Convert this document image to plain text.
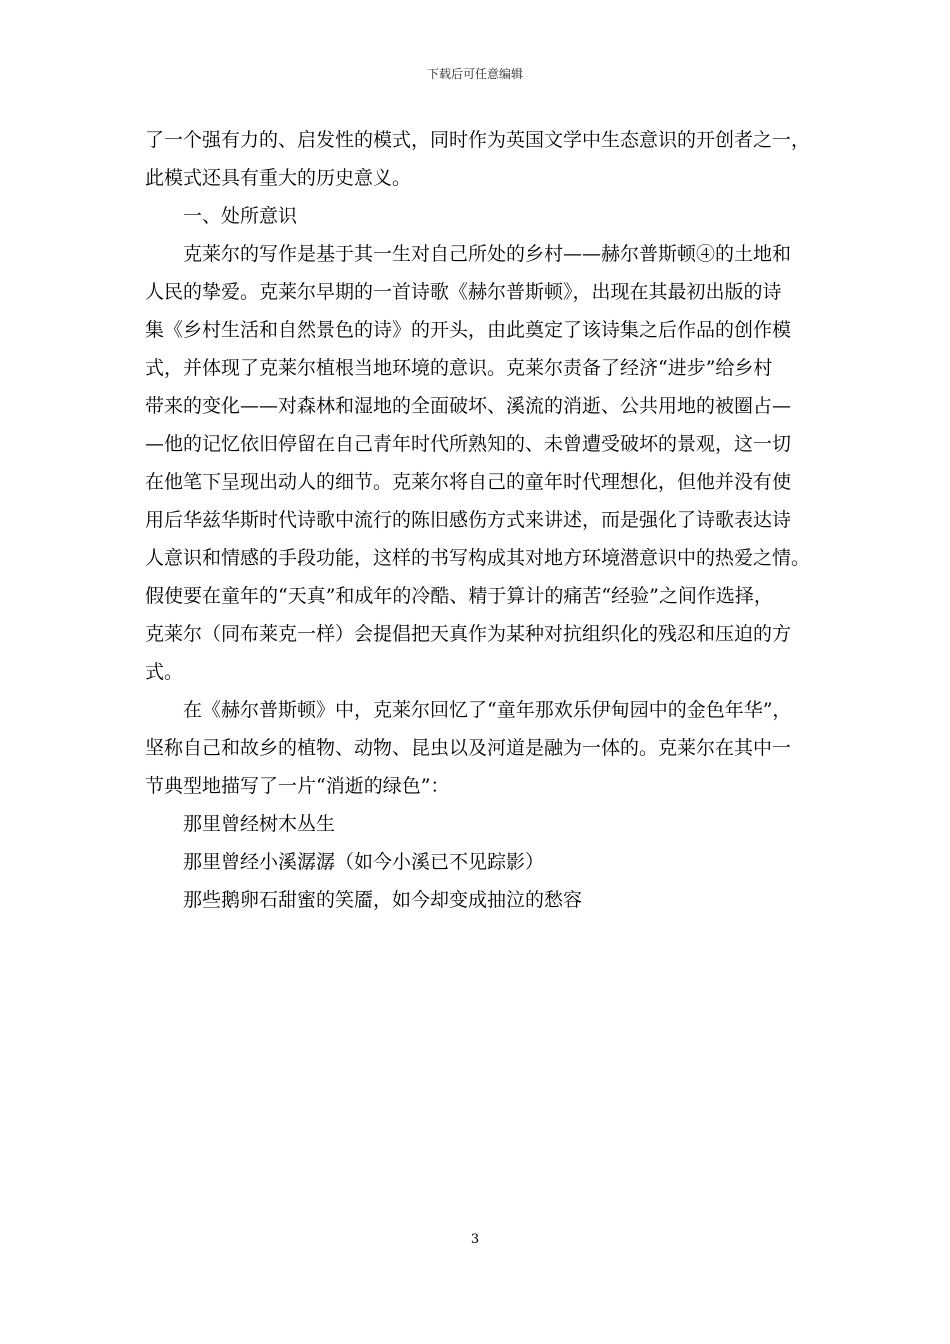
下载后可任意编辑
了一个强有力的、启发性的模式，同时作为英国文学中生态意识的开创者之一，
此模式还具有重大的历史意义。
一、处所意识
克莱尔的写作是基于其一生对自己所处的乡村——赫尔普斯顿④的土地和
人民的挚爱。克莱尔早期的一首诗歌《赫尔普斯顿》，出现在其最初出版的诗
集《乡村生活和自然景色的诗》的开头，由此奠定了该诗集之后作品的创作模
式，并体现了克莱尔植根当地环境的意识。克莱尔责备了经济“进步”给乡村
带来的变化——对森林和湿地的全面破坏、溪流的消逝、公共用地的被圈占—
—他的记忆依旧停留在自己青年时代所熟知的、未曾遭受破坏的景观，这一切
在他笔下呈现出动人的细节。克莱尔将自己的童年时代理想化，但他并没有使
用后华兹华斯时代诗歌中流行的陈旧感伤方式来讲述，而是强化了诗歌表达诗
人意识和情感的手段功能，这样的书写构成其对地方环境潜意识中的热爱之情。
假使要在童年的“天真”和成年的冷酷、精于算计的痛苦“经验”之间作选择，
克莱尔（同布莱克一样）会提倡把天真作为某种对抗组织化的残忍和压迫的方
式。
在《赫尔普斯顿》中，克莱尔回忆了“童年那欢乐伊甸园中的金色年华”，
坚称自己和故乡的植物、动物、昆虫以及河道是融为一体的。克莱尔在其中一
节典型地描写了一片“消逝的绿色”：
那里曾经树木丛生
那里曾经小溪潺潺（如今小溪已不见踪影）
那些鹅卵石甜蜜的笑靥，如今却变成抽泣的愁容
3
